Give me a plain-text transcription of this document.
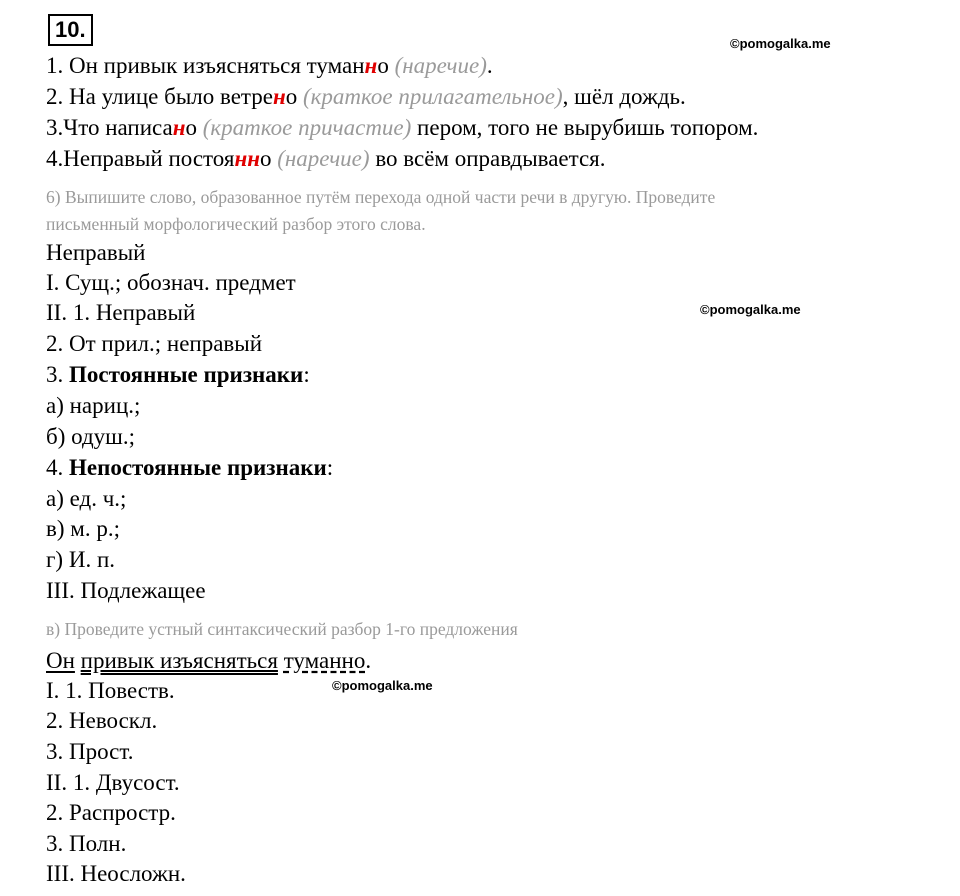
10.
©pomogalka.me
1. Он привык изъясняться туманно (наречие).
2. На улице было ветрено (краткое прилагательное), шёл дождь.
3.Что написано (краткое причастие) пером, того не вырубишь топором.
4.Неправый постоянно (наречие) во всём оправдывается.
6) Выпишите слово, образованное путём перехода одной части речи в другую. Проведите
письменный морфологический разбор этого слова.
Неправый
I. Сущ.; обознач. предмет
II. 1. Неправый	©pomogalka.me
2. От прил.; неправый
3. Постоянные признаки:
а) нариц.;
б) одуш.;
4. Непостоянные признаки:
а) ед. ч.;
в) м. р.;
г) И. п.
III. Подлежащее
в) Проведите устный синтаксический разбор 1-го предложения
Он привык изъясняться туманно.
I. 1. Повеств.	©pomogalka.me
2. Невоскл.
3. Прост.
II. 1. Двусост.
2. Распростр.
3. Полн.
III. Неосложн.
